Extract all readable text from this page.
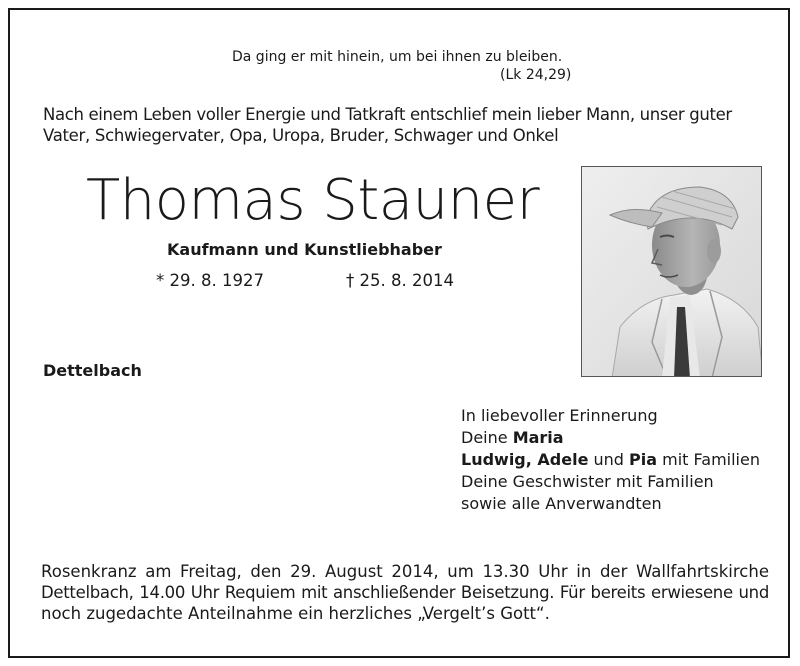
Da ging er mit hinein, um bei ihnen zu bleiben.
(Lk 24,29)
Nach einem Leben voller Energie und Tatkraft entschlief mein lieber Mann, unser guter
Vater, Schwiegervater, Opa, Uropa, Bruder, Schwager und Onkel
Thomas Stauner
Kaufmann und Kunstliebhaber
* 29. 8. 1927	† 25. 8. 2014
Dettelbach
In liebevoller Erinnerung
Deine Maria
Ludwig, Adele und Pia mit Familien
Deine Geschwister mit Familien
sowie alle Anverwandten
Rosenkranz am Freitag, den 29. August 2014, um 13.30 Uhr in der Wallfahrtskirche
Dettelbach, 14.00 Uhr Requiem mit anschließender Beisetzung. Für bereits erwiesene und
noch zugedachte Anteilnahme ein herzliches „Vergelt’s Gott“.
